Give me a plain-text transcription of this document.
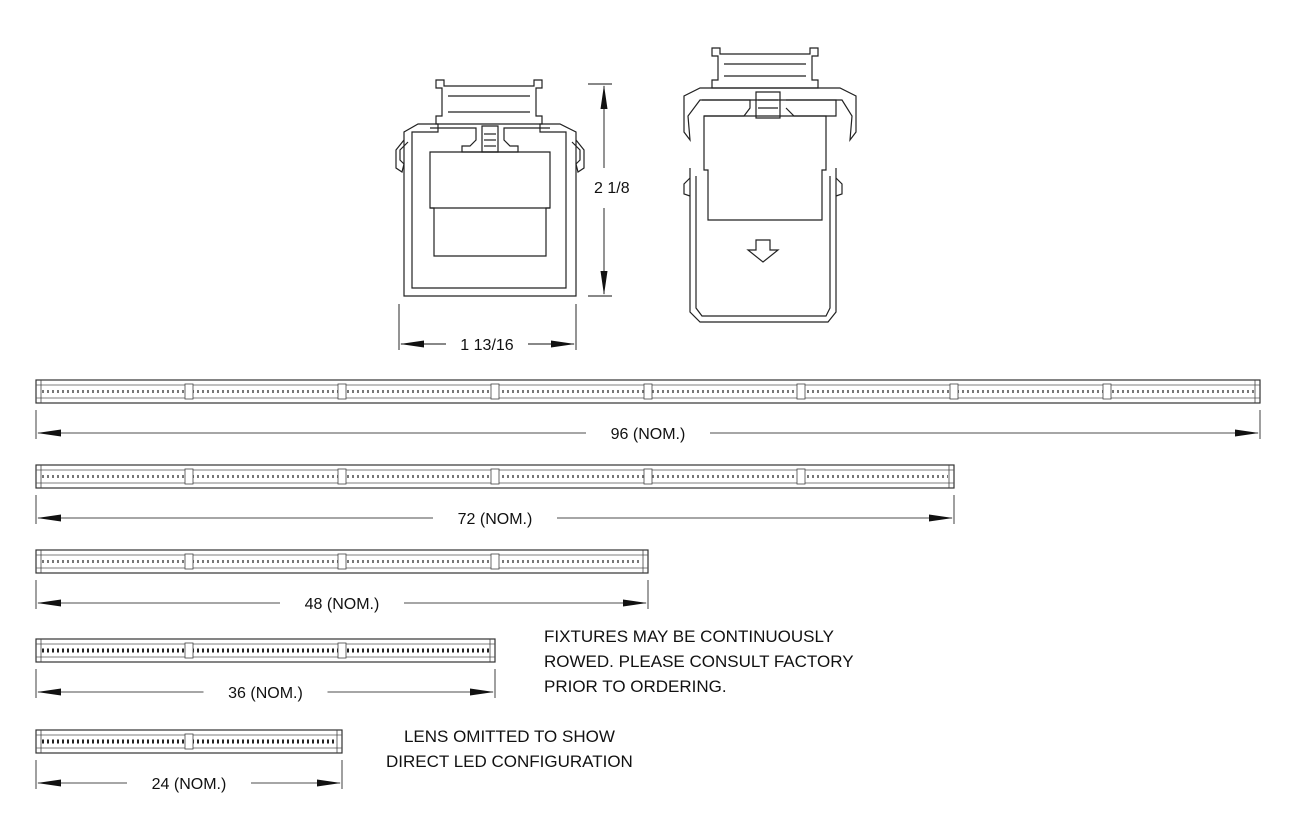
2 1/8
1 13/16
96 (NOM.)
72 (NOM.)
48 (NOM.)
36 (NOM.)
24 (NOM.)
FIXTURES MAY BE CONTINUOUSLY
ROWED. PLEASE CONSULT FACTORY
PRIOR TO ORDERING.
LENS OMITTED TO SHOW
DIRECT LED CONFIGURATION
